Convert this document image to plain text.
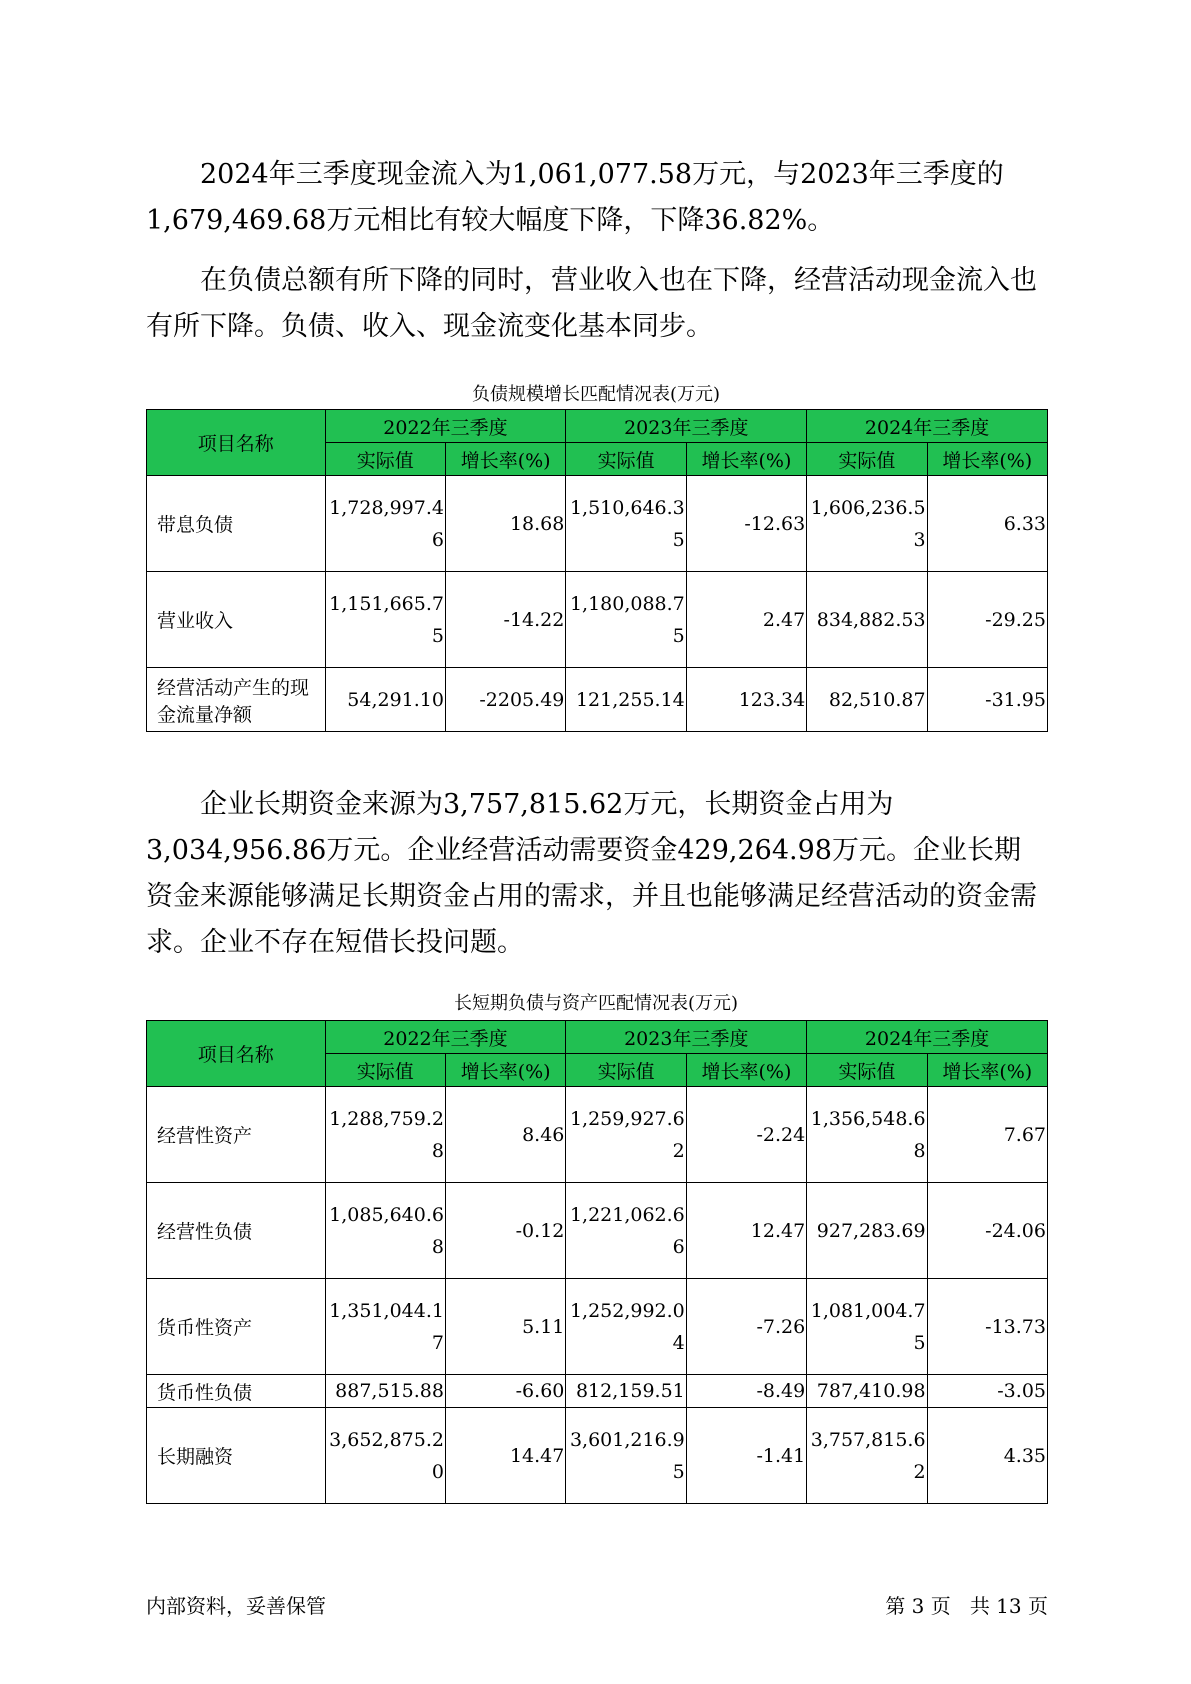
2024年三季度现金流入为1,061,077.58万元，与2023年三季度的1,679,469.68万元相比有较大幅度下降，下降36.82%。

在负债总额有所下降的同时，营业收入也在下降，经营活动现金流入也有所下降。负债、收入、现金流变化基本同步。

负债规模增长匹配情况表(万元)
项目名称	2022年三季度		2023年三季度		2024年三季度	
	实际值	增长率(%)	实际值	增长率(%)	实际值	增长率(%)
带息负债	1,728,997.46	18.68	1,510,646.35	-12.63	1,606,236.53	6.33
营业收入	1,151,665.75	-14.22	1,180,088.75	2.47	834,882.53	-29.25
经营活动产生的现金流量净额	54,291.10	-2205.49	121,255.14	123.34	82,510.87	-31.95

企业长期资金来源为3,757,815.62万元，长期资金占用为3,034,956.86万元。企业经营活动需要资金429,264.98万元。企业长期资金来源能够满足长期资金占用的需求，并且也能够满足经营活动的资金需求。企业不存在短借长投问题。

长短期负债与资产匹配情况表(万元)
项目名称	2022年三季度		2023年三季度		2024年三季度	
	实际值	增长率(%)	实际值	增长率(%)	实际值	增长率(%)
经营性资产	1,288,759.28	8.46	1,259,927.62	-2.24	1,356,548.68	7.67
经营性负债	1,085,640.68	-0.12	1,221,062.66	12.47	927,283.69	-24.06
货币性资产	1,351,044.17	5.11	1,252,992.04	-7.26	1,081,004.75	-13.73
货币性负债	887,515.88	-6.60	812,159.51	-8.49	787,410.98	-3.05
长期融资	3,652,875.20	14.47	3,601,216.95	-1.41	3,757,815.62	4.35
内部资料，妥善保管	第 3 页   共 13 页
